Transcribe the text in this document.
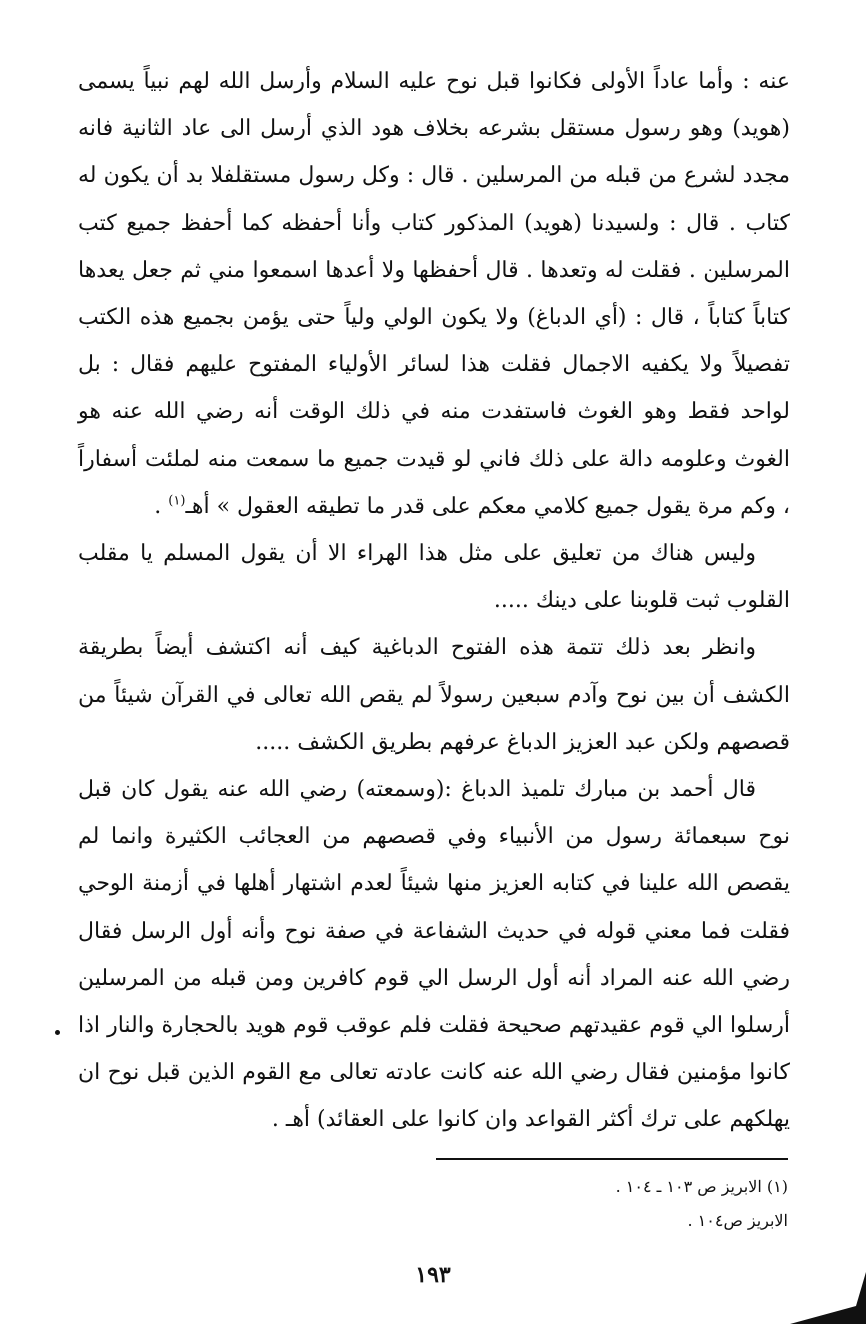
عنه : وأما عاداً الأولى فكانوا قبل نوح عليه السلام وأرسل الله لهم نبياً يسمى (هويد) وهو رسول مستقل بشرعه بخلاف هود الذي أرسل الى عاد الثانية فانه مجدد لشرع من قبله من المرسلين . قال : وكل رسول مستقلفلا بد أن يكون له كتاب . قال : ولسيدنا (هويد) المذكور كتاب وأنا أحفظه كما أحفظ جميع كتب المرسلين . فقلت له وتعدها . قال أحفظها ولا أعدها اسمعوا مني ثم جعل يعدها كتاباً كتاباً ، قال : (أي الدباغ) ولا يكون الولي ولياً حتى يؤمن بجميع هذه الكتب تفصيلاً ولا يكفيه الاجمال فقلت هذا لسائر الأولياء المفتوح عليهم فقال : بل لواحد فقط وهو الغوث فاستفدت منه في ذلك الوقت أنه رضي الله عنه هو الغوث وعلومه دالة على ذلك فاني لو قيدت جميع ما سمعت منه لملئت أسفاراً ، وكم مرة يقول جميع كلامي معكم على قدر ما تطيقه العقول » أهـ$^{(١)}$ .

وليس هناك من تعليق على مثل هذا الهراء الا أن يقول المسلم يا مقلب القلوب ثبت قلوبنا على دينك .....

وانظر بعد ذلك تتمة هذه الفتوح الدباغية كيف أنه اكتشف أيضاً بطريقة الكشف أن بين نوح وآدم سبعين رسولاً لم يقص الله تعالى في القرآن شيئاً من قصصهم ولكن عبد العزيز الدباغ عرفهم بطريق الكشف .....

قال أحمد بن مبارك تلميذ الدباغ :(وسمعته) رضي الله عنه يقول كان قبل نوح سبعمائة رسول من الأنبياء وفي قصصهم من العجائب الكثيرة وانما لم يقصص الله علينا في كتابه العزيز منها شيئاً لعدم اشتهار أهلها في أزمنة الوحي فقلت فما معني قوله في حديث الشفاعة في صفة نوح وأنه أول الرسل فقال رضي الله عنه المراد أنه أول الرسل الي قوم كافرين ومن قبله من المرسلين أرسلوا الي قوم عقيدتهم صحيحة فقلت فلم عوقب قوم هويد بالحجارة والنار اذا كانوا مؤمنين فقال رضي الله عنه كانت عادته تعالى مع القوم الذين قبل نوح ان يهلكهم على ترك أكثر القواعد وان كانوا على العقائد) أهـ .

(١) الابريز ص ١٠٣ ـ ١٠٤ .

الابريز ص١٠٤ .

١٩٣
